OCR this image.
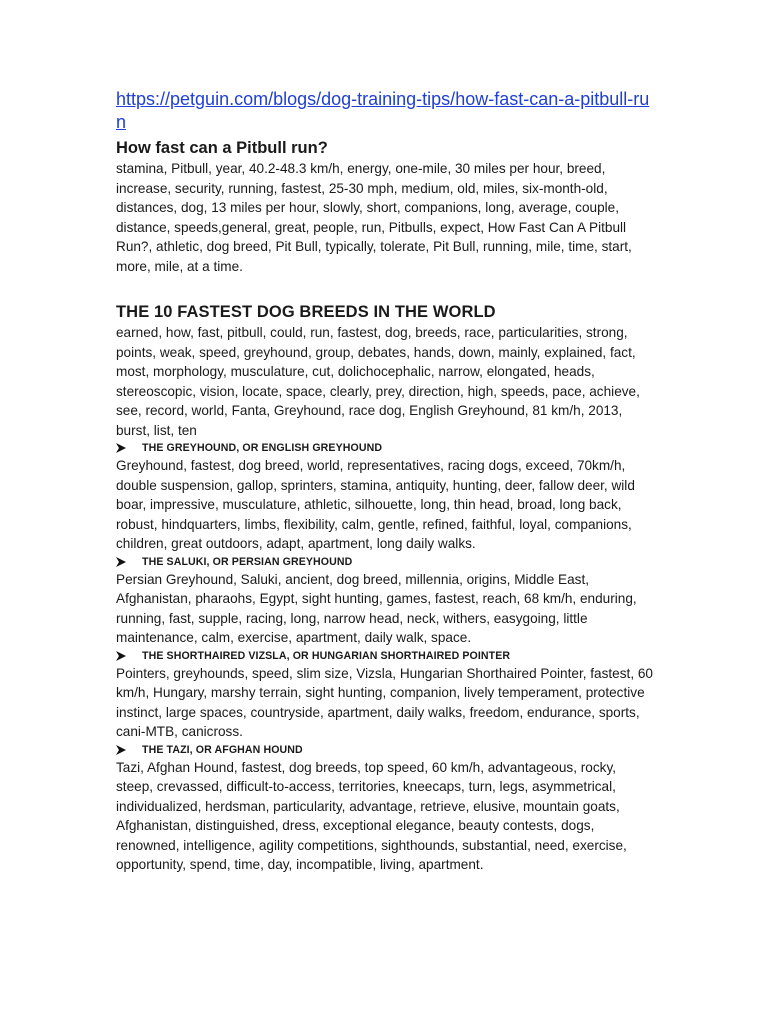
https://petguin.com/blogs/dog-training-tips/how-fast-can-a-pitbull-run
How fast can a Pitbull run?

stamina, Pitbull, year, 40.2-48.3 km/h, energy, one-mile, 30 miles per hour, breed, increase, security, running, fastest, 25-30 mph, medium, old, miles, six-month-old, distances, dog, 13 miles per hour, slowly, short, companions, long, average, couple, distance, speeds,general, great, people, run, Pitbulls, expect, How Fast Can A Pitbull Run?, athletic, dog breed, Pit Bull, typically, tolerate, Pit Bull, running, mile, time, start, more, mile, at a time.

THE 10 FASTEST DOG BREEDS IN THE WORLD

earned, how, fast, pitbull, could, run, fastest, dog, breeds, race, particularities, strong, points, weak, speed, greyhound, group, debates, hands, down, mainly, explained, fact, most, morphology, musculature, cut, dolichocephalic, narrow, elongated, heads, stereoscopic, vision, locate, space, clearly, prey, direction, high, speeds, pace, achieve, see, record, world, Fanta, Greyhound, race dog, English Greyhound, 81 km/h, 2013, burst, list, ten

THE GREYHOUND, OR ENGLISH GREYHOUND

Greyhound, fastest, dog breed, world, representatives, racing dogs, exceed, 70km/h, double suspension, gallop, sprinters, stamina, antiquity, hunting, deer, fallow deer, wild boar, impressive, musculature, athletic, silhouette, long, thin head, broad, long back, robust, hindquarters, limbs, flexibility, calm, gentle, refined, faithful, loyal, companions, children, great outdoors, adapt, apartment, long daily walks.

THE SALUKI, OR PERSIAN GREYHOUND

Persian Greyhound, Saluki, ancient, dog breed, millennia, origins, Middle East, Afghanistan, pharaohs, Egypt, sight hunting, games, fastest, reach, 68 km/h, enduring, running, fast, supple, racing, long, narrow head, neck, withers, easygoing, little maintenance, calm, exercise, apartment, daily walk, space.

THE SHORTHAIRED VIZSLA, OR HUNGARIAN SHORTHAIRED POINTER

Pointers, greyhounds, speed, slim size, Vizsla, Hungarian Shorthaired Pointer, fastest, 60 km/h, Hungary, marshy terrain, sight hunting, companion, lively temperament, protective instinct, large spaces, countryside, apartment, daily walks, freedom, endurance, sports, cani-MTB, canicross.

THE TAZI, OR AFGHAN HOUND

Tazi, Afghan Hound, fastest, dog breeds, top speed, 60 km/h, advantageous, rocky, steep, crevassed, difficult-to-access, territories, kneecaps, turn, legs, asymmetrical, individualized, herdsman, particularity, advantage, retrieve, elusive, mountain goats, Afghanistan, distinguished, dress, exceptional elegance, beauty contests, dogs, renowned, intelligence, agility competitions, sighthounds, substantial, need, exercise, opportunity, spend, time, day, incompatible, living, apartment.
